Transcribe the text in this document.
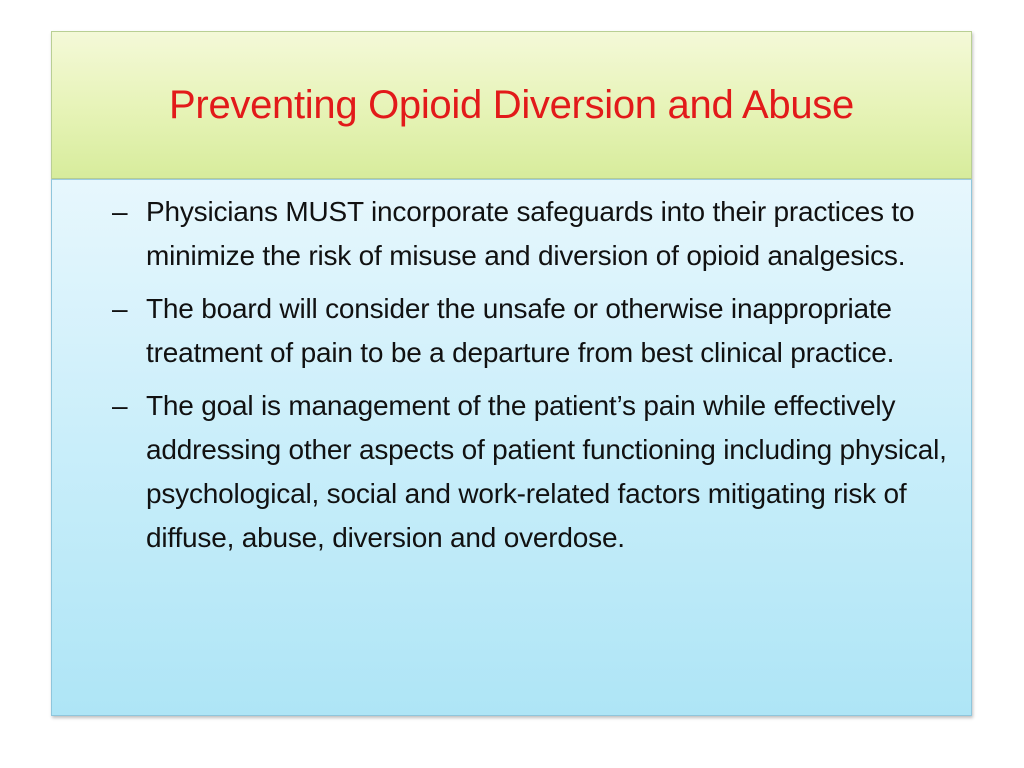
Preventing Opioid Diversion and Abuse
– Physicians MUST incorporate safeguards into their practices to minimize the risk of misuse and diversion of opioid analgesics.
– The board will consider the unsafe or otherwise inappropriate treatment of pain to be a departure from best clinical practice.
– The goal is management of the patient’s pain while effectively addressing other aspects of patient functioning including physical, psychological, social and work-related factors mitigating risk of diffuse, abuse, diversion and overdose.
